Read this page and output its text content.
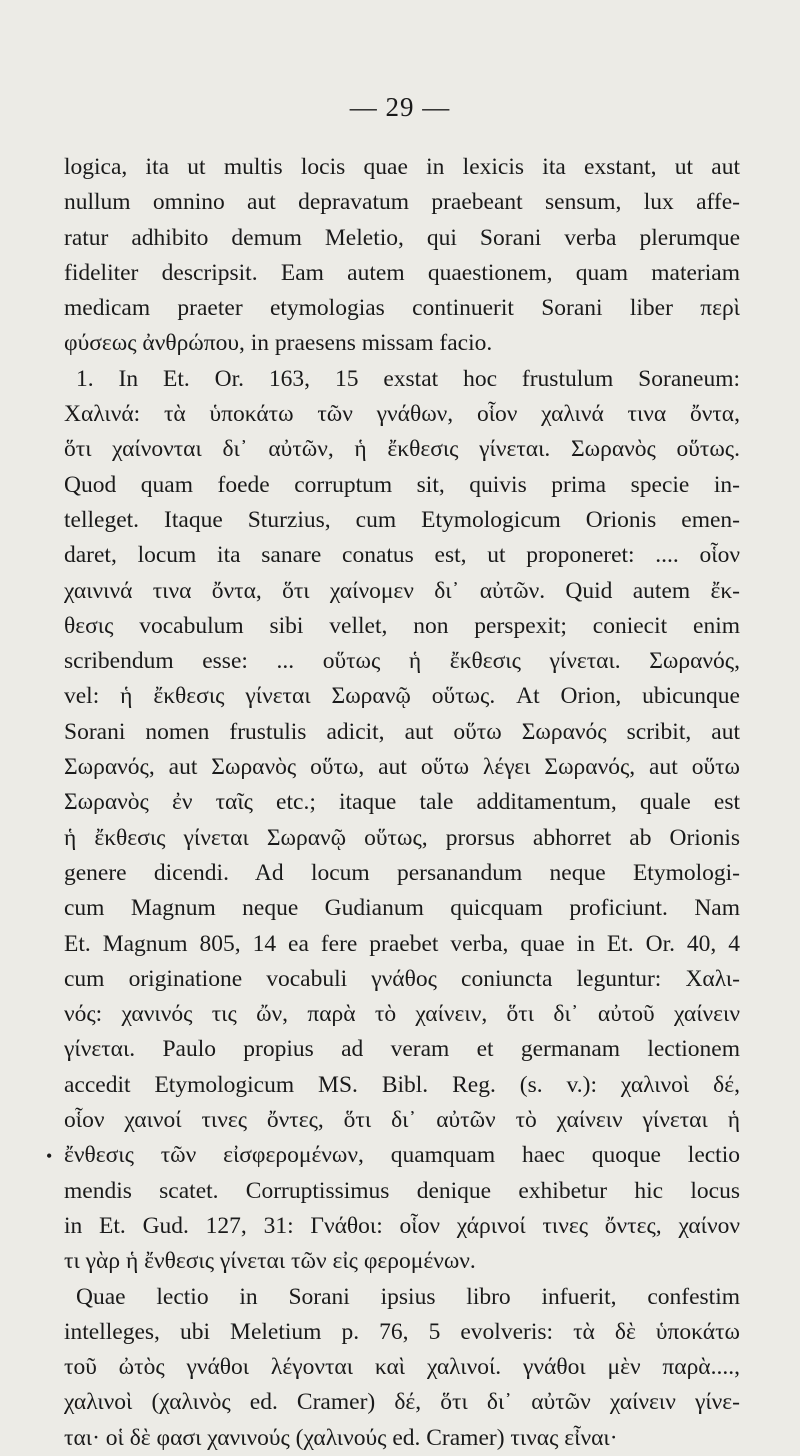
— 29 —
logica, ita ut multis locis quae in lexicis ita exstant, ut aut
nullum omnino aut depravatum praebeant sensum, lux affe-
ratur adhibito demum Meletio, qui Sorani verba plerumque
fideliter descripsit. Eam autem quaestionem, quam materiam
medicam praeter etymologias continuerit Sorani liber περὶ
φύσεως ἀνθρώπου, in praesens missam facio.
1. In Et. Or. 163, 15 exstat hoc frustulum Soraneum:
Χαλινά: τὰ ὑποκάτω τῶν γνάθων, οἷον χαλινά τινα ὄντα,
ὅτι χαίνονται δι᾽ αὐτῶν, ἡ ἔκθεσις γίνεται. Σωρανὸς οὕτως.
Quod quam foede corruptum sit, quivis prima specie in-
telleget. Itaque Sturzius, cum Etymologicum Orionis emen-
daret, locum ita sanare conatus est, ut proponeret: .... οἷον
χαινινά τινα ὄντα, ὅτι χαίνομεν δι᾽ αὐτῶν. Quid autem ἔκ-
θεσις vocabulum sibi vellet, non perspexit; coniecit enim
scribendum esse: ... οὕτως ἡ ἔκθεσις γίνεται. Σωρανός,
vel: ἡ ἔκθεσις γίνεται Σωρανῷ οὕτως. At Orion, ubicunque
Sorani nomen frustulis adicit, aut οὕτω Σωρανός scribit, aut
Σωρανός, aut Σωρανὸς οὕτω, aut οὕτω λέγει Σωρανός, aut οὕτω
Σωρανὸς ἐν ταῖς etc.; itaque tale additamentum, quale est
ἡ ἔκθεσις γίνεται Σωρανῷ οὕτως, prorsus abhorret ab Orionis
genere dicendi. Ad locum persanandum neque Etymologi-
cum Magnum neque Gudianum quicquam proficiunt. Nam
Et. Magnum 805, 14 ea fere praebet verba, quae in Et. Or. 40, 4
cum originatione vocabuli γνάθος coniuncta leguntur: Χαλι-
νός: χανινός τις ὤν, παρὰ τὸ χαίνειν, ὅτι δι᾽ αὐτοῦ χαίνειν
γίνεται. Paulo propius ad veram et germanam lectionem
accedit Etymologicum MS. Bibl. Reg. (s. v.): χαλινοὶ δέ,
οἷον χαινοί τινες ὄντες, ὅτι δι᾽ αὐτῶν τὸ χαίνειν γίνεται ἡ
ἔνθεσις τῶν εἰσφερομένων, quamquam haec quoque lectio
mendis scatet. Corruptissimus denique exhibetur hic locus
in Et. Gud. 127, 31: Γνάθοι: οἷον χάρινοί τινες ὄντες, χαίνον
τι γὰρ ἡ ἔνθεσις γίνεται τῶν εἰς φερομένων.
Quae lectio in Sorani ipsius libro infuerit, confestim
intelleges, ubi Meletium p. 76, 5 evolveris: τὰ δὲ ὑποκάτω
τοῦ ὠτὸς γνάθοι λέγονται καὶ χαλινοί. γνάθοι μὲν παρὰ....,
χαλινοὶ (χαλινὸς ed. Cramer) δέ, ὅτι δι᾽ αὐτῶν χαίνειν γίνε-
ται· οἱ δὲ φασι χανινούς (χαλινούς ed. Cramer) τινας εἶναι·
•
